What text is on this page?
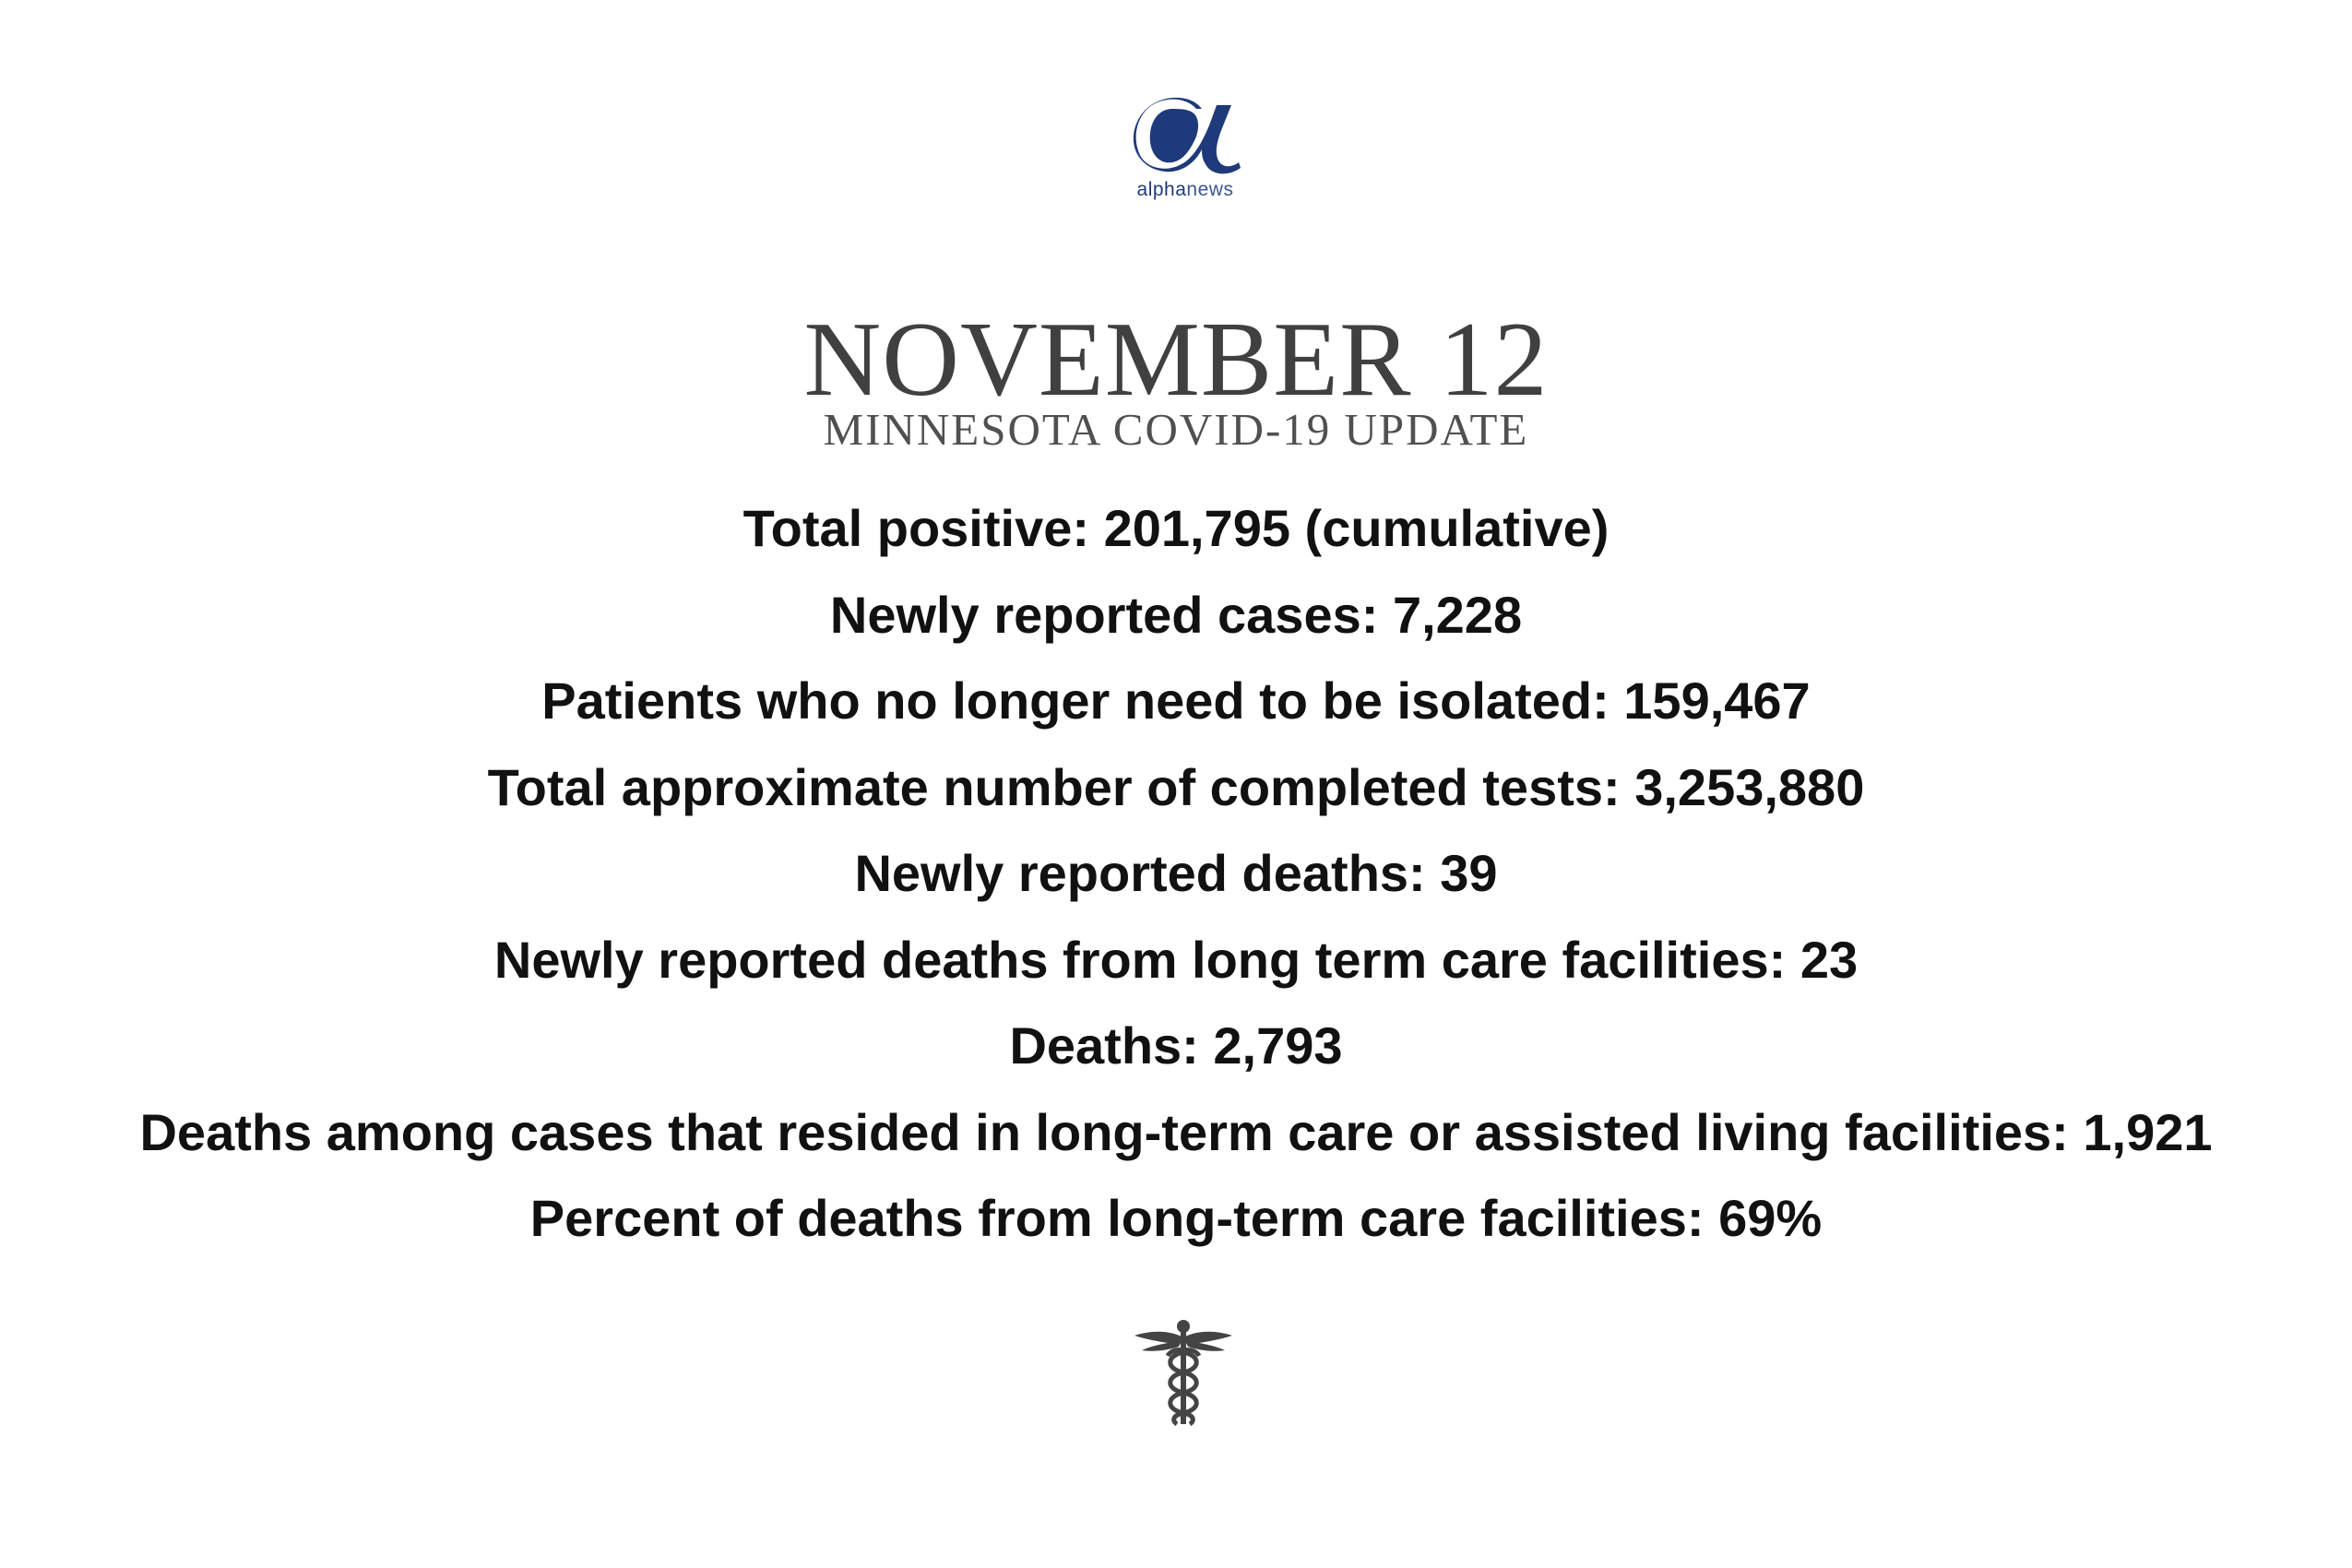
alphanews
NOVEMBER 12
MINNESOTA COVID-19 UPDATE
Total positive: 201,795 (cumulative)
Newly reported cases: 7,228
Patients who no longer need to be isolated: 159,467
Total approximate number of completed tests: 3,253,880
Newly reported deaths: 39
Newly reported deaths from long term care facilities: 23
Deaths: 2,793
Deaths among cases that resided in long-term care or assisted living facilities: 1,921
Percent of deaths from long-term care facilities: 69%
